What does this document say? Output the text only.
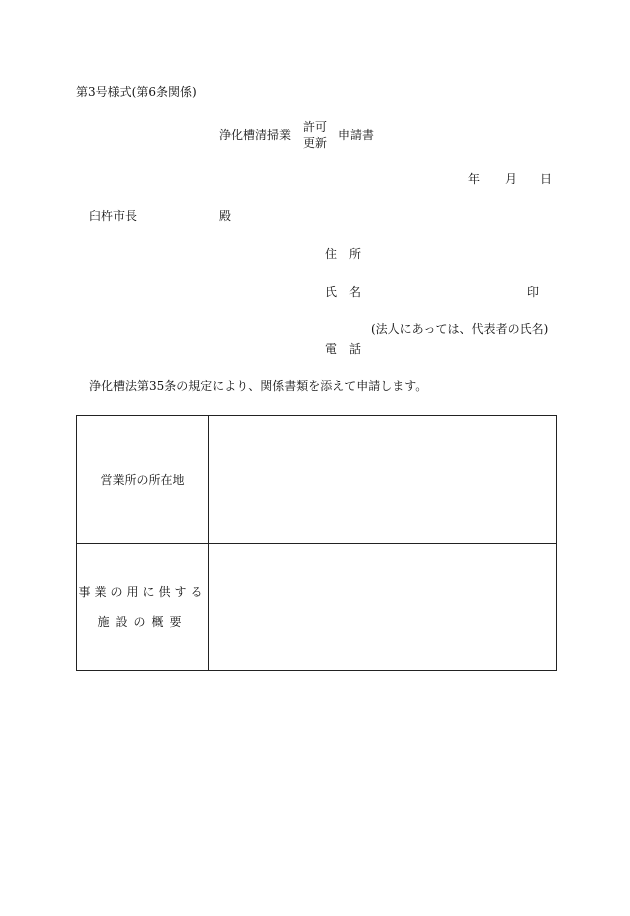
第3号様式(第6条関係)
浄化槽清掃業
許可
更新
申請書
年 月 日
臼杵市長	殿
住所
氏名	印
(法人にあっては、代表者の氏名)
電話
浄化槽法第35条の規定により、関係書類を添えて申請します。
営業所の所在地	

事業の用に供する
施設の概要	
